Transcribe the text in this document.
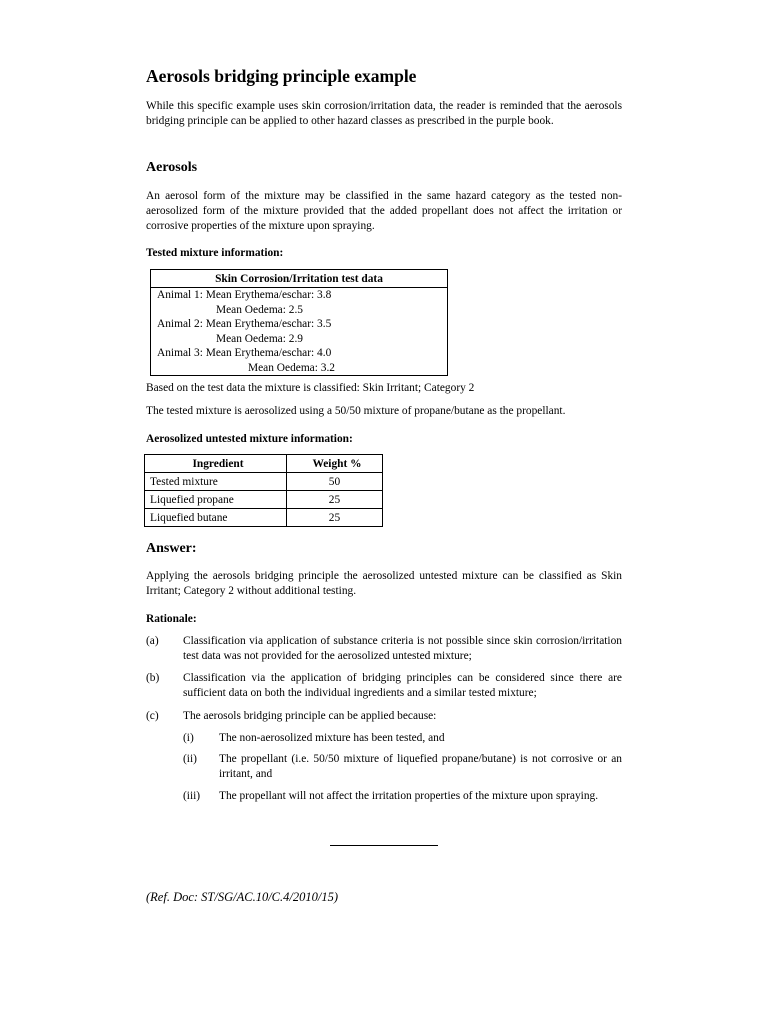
Aerosols bridging principle example
While this specific example uses skin corrosion/irritation data, the reader is reminded that the aerosols bridging principle can be applied to other hazard classes as prescribed in the purple book.
Aerosols
An aerosol form of the mixture may be classified in the same hazard category as the tested non-aerosolized form of the mixture provided that the added propellant does not affect the irritation or corrosive properties of the mixture upon spraying.
Tested mixture information:
Skin Corrosion/Irritation test data
Animal 1: Mean Erythema/eschar: 3.8
Mean Oedema: 2.5
Animal 2: Mean Erythema/eschar: 3.5
Mean Oedema: 2.9
Animal 3: Mean Erythema/eschar: 4.0
Mean Oedema: 3.2
Based on the test data the mixture is classified: Skin Irritant; Category 2
The tested mixture is aerosolized using a 50/50 mixture of propane/butane as the propellant.
Aerosolized untested mixture information:
Ingredient	Weight %
Tested mixture	50
Liquefied propane	25
Liquefied butane	25
Answer:
Applying the aerosols bridging principle the aerosolized untested mixture can be classified as Skin Irritant; Category 2 without additional testing.
Rationale:
(a) Classification via application of substance criteria is not possible since skin corrosion/irritation test data was not provided for the aerosolized untested mixture;
(b) Classification via the application of bridging principles can be considered since there are sufficient data on both the individual ingredients and a similar tested mixture;
(c) The aerosols bridging principle can be applied because:
(i) The non-aerosolized mixture has been tested, and
(ii) The propellant (i.e. 50/50 mixture of liquefied propane/butane) is not corrosive or an irritant, and
(iii) The propellant will not affect the irritation properties of the mixture upon spraying.
(Ref. Doc: ST/SG/AC.10/C.4/2010/15)
